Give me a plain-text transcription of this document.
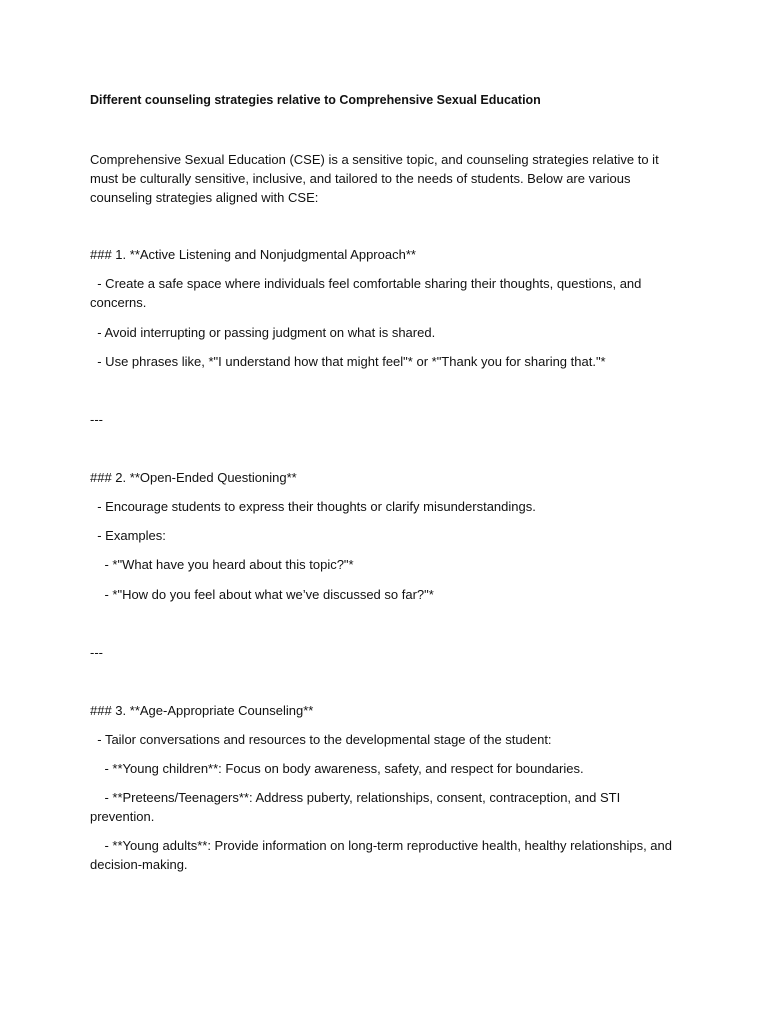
Different counseling strategies relative to Comprehensive Sexual Education

Comprehensive Sexual Education (CSE) is a sensitive topic, and counseling strategies relative to it must be culturally sensitive, inclusive, and tailored to the needs of students. Below are various counseling strategies aligned with CSE:

### 1. **Active Listening and Nonjudgmental Approach**

- Create a safe space where individuals feel comfortable sharing their thoughts, questions, and concerns.

- Avoid interrupting or passing judgment on what is shared.

- Use phrases like, *"I understand how that might feel"* or *"Thank you for sharing that."*

---

### 2. **Open-Ended Questioning**

- Encourage students to express their thoughts or clarify misunderstandings.

- Examples:

- *"What have you heard about this topic?"*

- *"How do you feel about what we’ve discussed so far?"*

---

### 3. **Age-Appropriate Counseling**

- Tailor conversations and resources to the developmental stage of the student:

- **Young children**: Focus on body awareness, safety, and respect for boundaries.

- **Preteens/Teenagers**: Address puberty, relationships, consent, contraception, and STI prevention.

- **Young adults**: Provide information on long-term reproductive health, healthy relationships, and decision-making.
